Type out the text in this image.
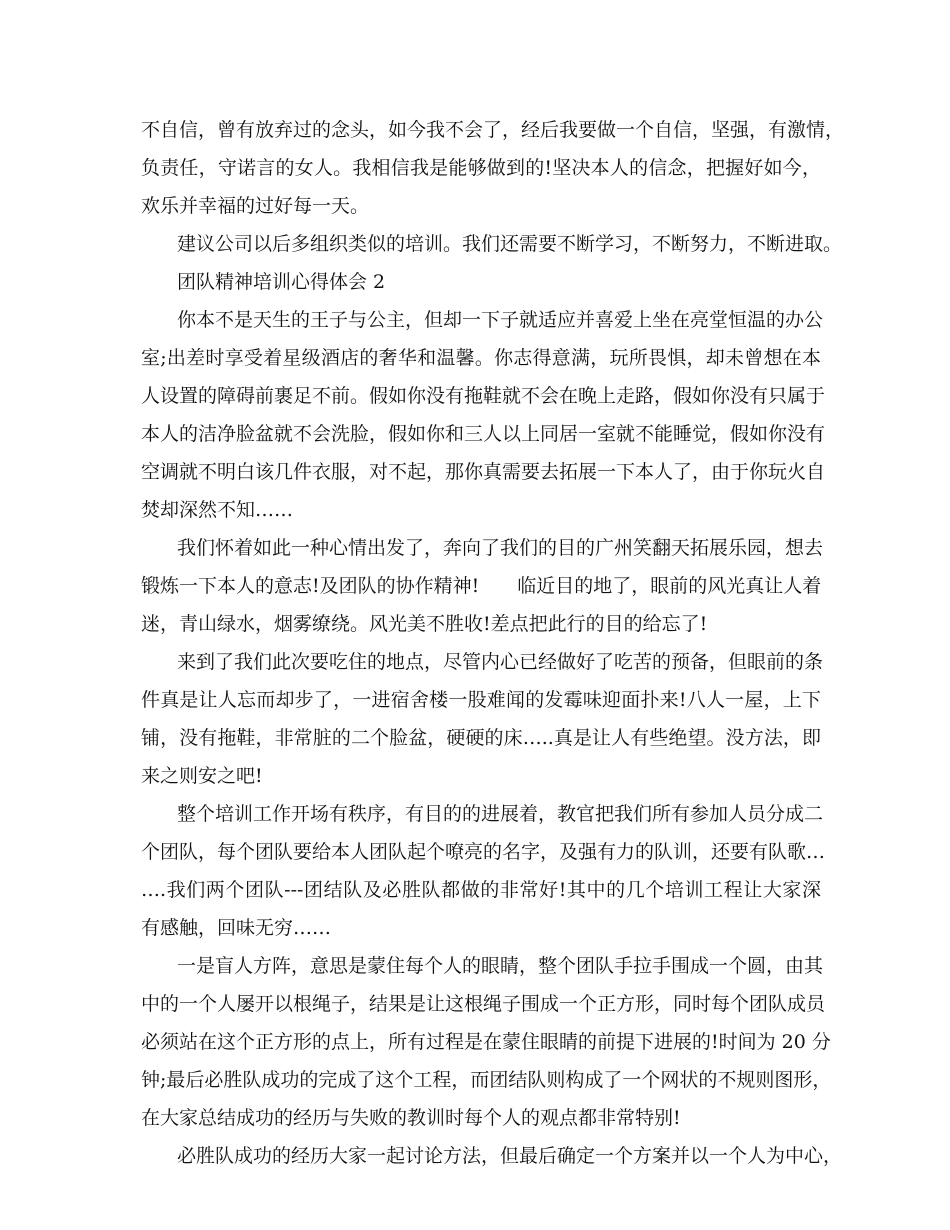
不自信，曾有放弃过的念头，如今我不会了，经后我要做一个自信，坚强，有激情，
负责任，守诺言的女人。我相信我是能够做到的!坚决本人的信念，把握好如今，
欢乐并幸福的过好每一天。
建议公司以后多组织类似的培训。我们还需要不断学习，不断努力，不断进取。
团队精神培训心得体会 2
你本不是天生的王子与公主，但却一下子就适应并喜爱上坐在亮堂恒温的办公
室;出差时享受着星级酒店的奢华和温馨。你志得意满，玩所畏惧，却未曾想在本
人设置的障碍前裹足不前。假如你没有拖鞋就不会在晚上走路，假如你没有只属于
本人的洁净脸盆就不会洗脸，假如你和三人以上同居一室就不能睡觉，假如你没有
空调就不明白该几件衣服，对不起，那你真需要去拓展一下本人了，由于你玩火自
焚却深然不知……
我们怀着如此一种心情出发了，奔向了我们的目的广州笑翻天拓展乐园，想去
锻炼一下本人的意志!及团队的协作精神!　　临近目的地了，眼前的风光真让人着
迷，青山绿水，烟雾缭绕。风光美不胜收!差点把此行的目的给忘了!
来到了我们此次要吃住的地点，尽管内心已经做好了吃苦的预备，但眼前的条
件真是让人忘而却步了，一进宿舍楼一股难闻的发霉味迎面扑来!八人一屋，上下
铺，没有拖鞋，非常脏的二个脸盆，硬硬的床…..真是让人有些绝望。没方法，即
来之则安之吧!
整个培训工作开场有秩序，有目的的进展着，教官把我们所有参加人员分成二
个团队，每个团队要给本人团队起个嘹亮的名字，及强有力的队训，还要有队歌…
….我们两个团队---团结队及必胜队都做的非常好!其中的几个培训工程让大家深
有感触，回味无穷……
一是盲人方阵，意思是蒙住每个人的眼睛，整个团队手拉手围成一个圆，由其
中的一个人屡开以根绳子，结果是让这根绳子围成一个正方形，同时每个团队成员
必须站在这个正方形的点上，所有过程是在蒙住眼睛的前提下进展的!时间为 20 分
钟;最后必胜队成功的完成了这个工程，而团结队则构成了一个网状的不规则图形，
在大家总结成功的经历与失败的教训时每个人的观点都非常特别!
必胜队成功的经历大家一起讨论方法，但最后确定一个方案并以一个人为中心，
